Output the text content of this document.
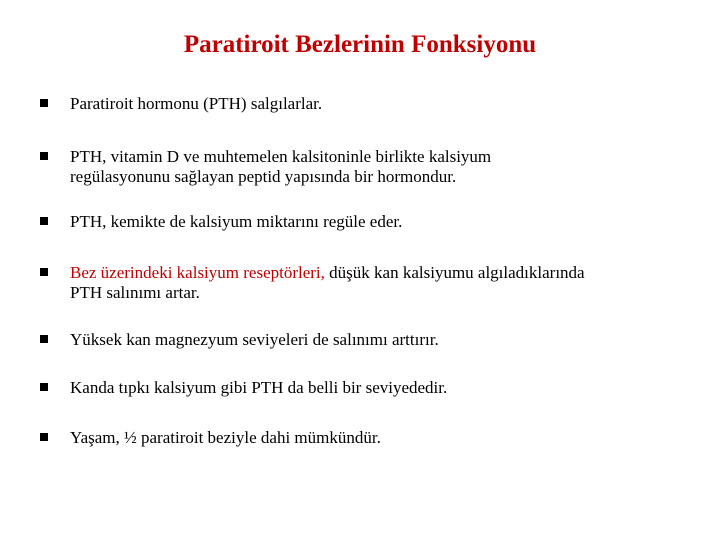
Paratiroit Bezlerinin Fonksiyonu
Paratiroit hormonu (PTH) salgılarlar.
PTH, vitamin D ve muhtemelen kalsitoninle birlikte kalsiyum
regülasyonunu sağlayan peptid yapısında bir hormondur.
PTH, kemikte de kalsiyum miktarını regüle eder.
Bez üzerindeki kalsiyum reseptörleri, düşük kan kalsiyumu algıladıklarında
PTH salınımı artar.
Yüksek kan magnezyum seviyeleri de salınımı arttırır.
Kanda tıpkı kalsiyum gibi PTH da belli bir seviyededir.
Yaşam, ½ paratiroit beziyle dahi mümkündür.
